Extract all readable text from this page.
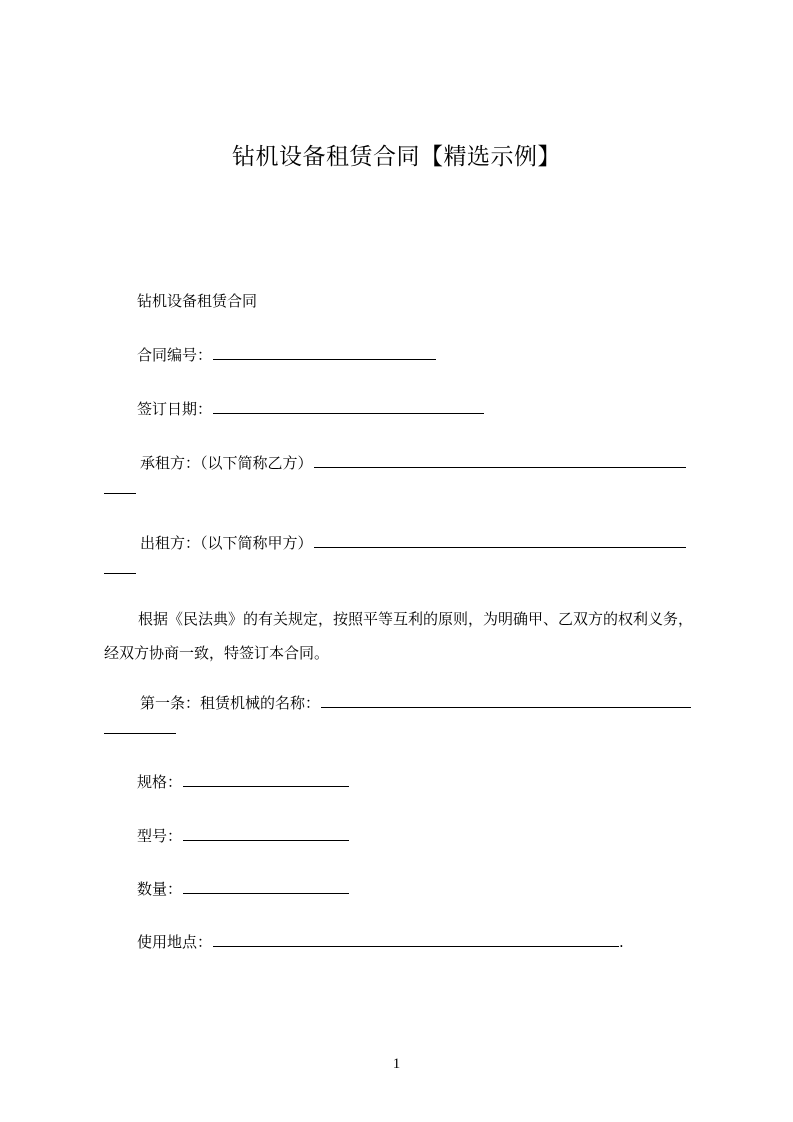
钻机设备租赁合同【精选示例】
钻机设备租赁合同
合同编号：
签订日期：
承租方：（以下简称乙方）
出租方：（以下简称甲方）
根据《民法典》的有关规定，按照平等互利的原则，为明确甲、乙双方的权利义务，经双方协商一致，特签订本合同。
第一条：租赁机械的名称：
规格：
型号：
数量：
使用地点：	.
1
